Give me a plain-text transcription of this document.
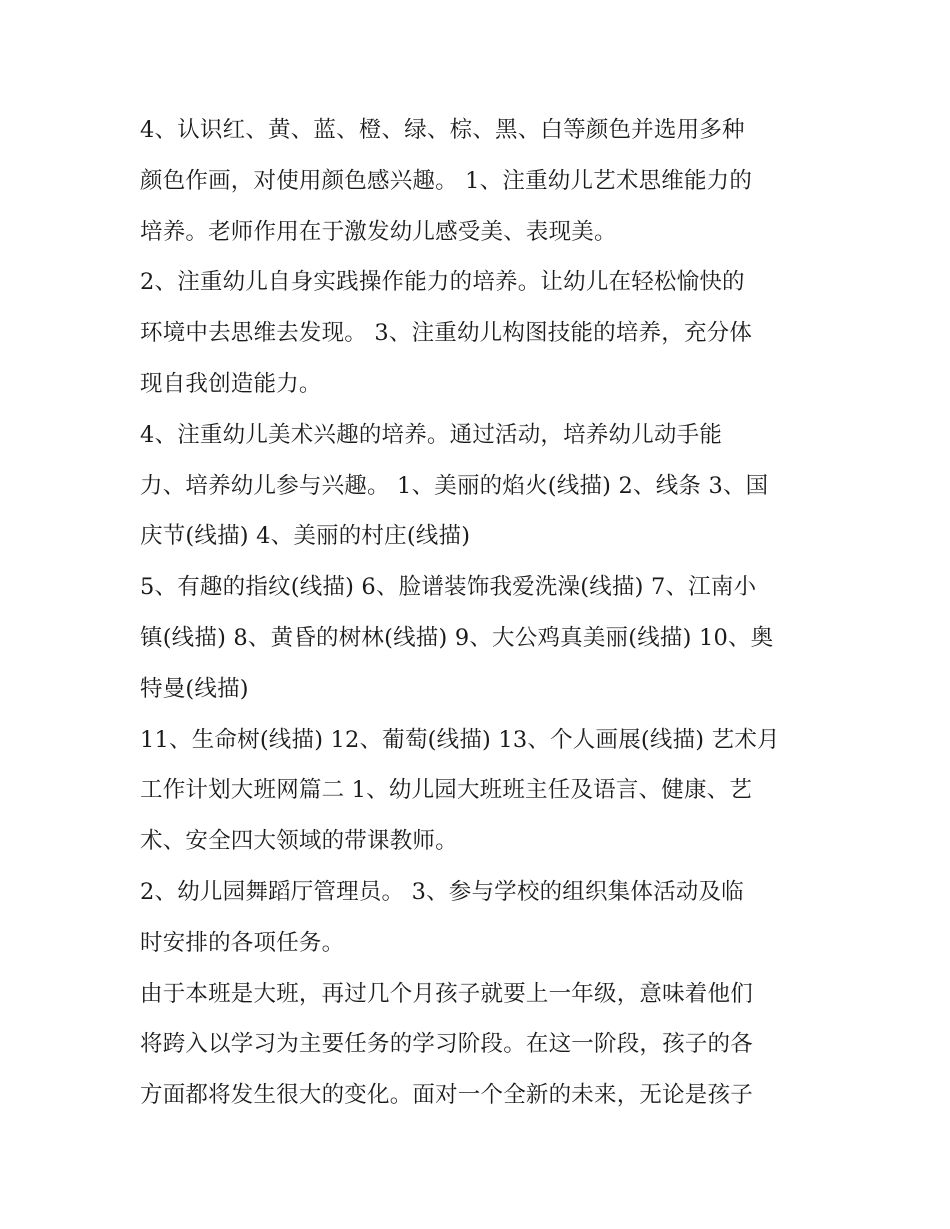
4、认识红、黄、蓝、橙、绿、棕、黑、白等颜色并选用多种
颜色作画，对使用颜色感兴趣。 1、注重幼儿艺术思维能力的
培养。老师作用在于激发幼儿感受美、表现美。
2、注重幼儿自身实践操作能力的培养。让幼儿在轻松愉快的
环境中去思维去发现。 3、注重幼儿构图技能的培养，充分体
现自我创造能力。
4、注重幼儿美术兴趣的培养。通过活动，培养幼儿动手能
力、培养幼儿参与兴趣。 1、美丽的焰火(线描) 2、线条 3、国
庆节(线描) 4、美丽的村庄(线描)
5、有趣的指纹(线描) 6、脸谱装饰我爱洗澡(线描) 7、江南小
镇(线描) 8、黄昏的树林(线描) 9、大公鸡真美丽(线描) 10、奥
特曼(线描)
11、生命树(线描) 12、葡萄(线描) 13、个人画展(线描) 艺术月
工作计划大班网篇二 1、幼儿园大班班主任及语言、健康、艺
术、安全四大领域的带课教师。
2、幼儿园舞蹈厅管理员。 3、参与学校的组织集体活动及临
时安排的各项任务。
由于本班是大班，再过几个月孩子就要上一年级，意味着他们
将跨入以学习为主要任务的学习阶段。在这一阶段，孩子的各
方面都将发生很大的变化。面对一个全新的未来，无论是孩子
